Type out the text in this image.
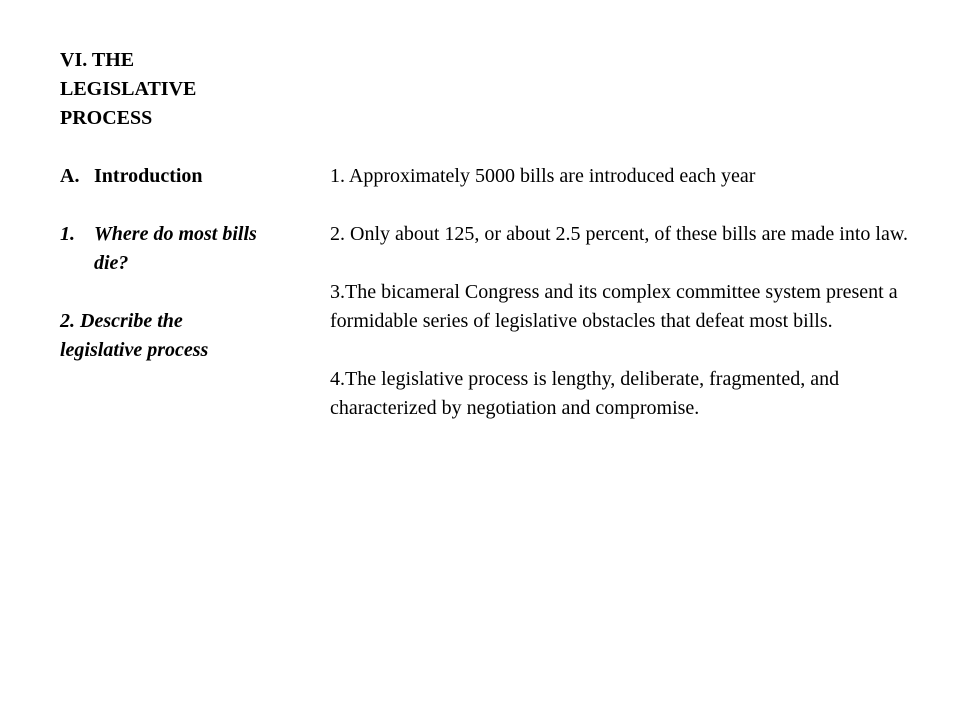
VI. THE LEGISLATIVE PROCESS

A. Introduction
1. Where do most bills die?
2. Describe the legislative process

1. Approximately 5000 bills are introduced each year

2. Only about 125, or about 2.5 percent, of these bills are made into law.

3.The bicameral Congress and its complex committee system present a formidable series of legislative obstacles that defeat most bills.

4.The legislative process is lengthy, deliberate, fragmented, and characterized by negotiation and compromise.
